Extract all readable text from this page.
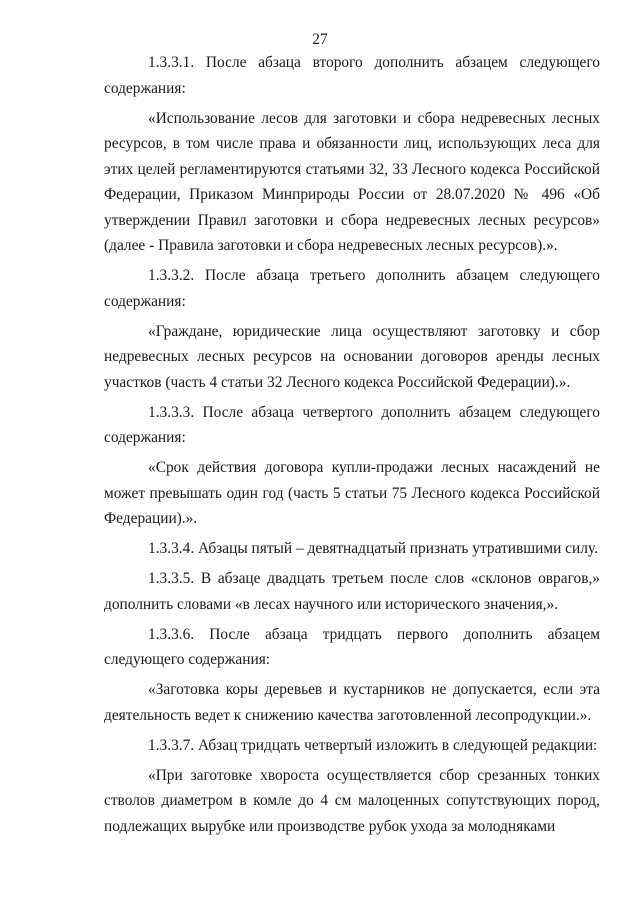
27

1.3.3.1. После абзаца второго дополнить абзацем следующего содержания:

«Использование лесов для заготовки и сбора недревесных лесных ресурсов, в том числе права и обязанности лиц, использующих леса для этих целей регламентируются статьями 32, 33 Лесного кодекса Российской Федерации, Приказом Минприроды России от 28.07.2020 № 496 «Об утверждении Правил заготовки и сбора недревесных лесных ресурсов» (далее - Правила заготовки и сбора недревесных лесных ресурсов).».

1.3.3.2. После абзаца третьего дополнить абзацем следующего содержания:

«Граждане, юридические лица осуществляют заготовку и сбор недревесных лесных ресурсов на основании договоров аренды лесных участков (часть 4 статьи 32 Лесного кодекса Российской Федерации).».

1.3.3.3. После абзаца четвертого дополнить абзацем следующего содержания:

«Срок действия договора купли-продажи лесных насаждений не может превышать один год (часть 5 статьи 75 Лесного кодекса Российской Федерации).».

1.3.3.4. Абзацы пятый – девятнадцатый признать утратившими силу.

1.3.3.5. В абзаце двадцать третьем после слов «склонов оврагов,» дополнить словами «в лесах научного или исторического значения,».

1.3.3.6. После абзаца тридцать первого дополнить абзацем следующего содержания:

«Заготовка коры деревьев и кустарников не допускается, если эта деятельность ведет к снижению качества заготовленной лесопродукции.».

1.3.3.7. Абзац тридцать четвертый изложить в следующей редакции:

«При заготовке хвороста осуществляется сбор срезанных тонких стволов диаметром в комле до 4 см малоценных сопутствующих пород, подлежащих вырубке или производстве рубок ухода за молодняками
